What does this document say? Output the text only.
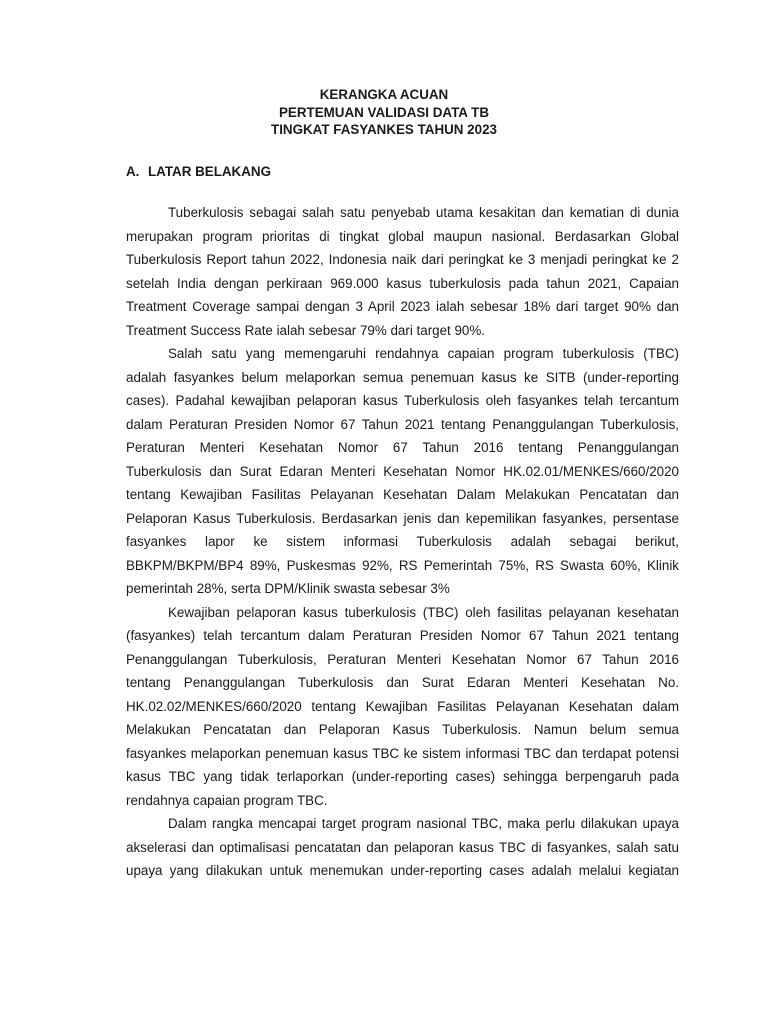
KERANGKA ACUAN
PERTEMUAN VALIDASI DATA TB
TINGKAT FASYANKES TAHUN 2023
A. LATAR BELAKANG

Tuberkulosis sebagai salah satu penyebab utama kesakitan dan kematian di dunia
merupakan program prioritas di tingkat global maupun nasional. Berdasarkan Global
Tuberkulosis Report tahun 2022, Indonesia naik dari peringkat ke 3 menjadi peringkat ke 2
setelah India dengan perkiraan 969.000 kasus tuberkulosis pada tahun 2021, Capaian
Treatment Coverage sampai dengan 3 April 2023 ialah sebesar 18% dari target 90% dan
Treatment Success Rate ialah sebesar 79% dari target 90%.

Salah satu yang memengaruhi rendahnya capaian program tuberkulosis (TBC)
adalah fasyankes belum melaporkan semua penemuan kasus ke SITB (under-reporting
cases). Padahal kewajiban pelaporan kasus Tuberkulosis oleh fasyankes telah tercantum
dalam Peraturan Presiden Nomor 67 Tahun 2021 tentang Penanggulangan Tuberkulosis,
Peraturan Menteri Kesehatan Nomor 67 Tahun 2016 tentang Penanggulangan
Tuberkulosis dan Surat Edaran Menteri Kesehatan Nomor HK.02.01/MENKES/660/2020
tentang Kewajiban Fasilitas Pelayanan Kesehatan Dalam Melakukan Pencatatan dan
Pelaporan Kasus Tuberkulosis. Berdasarkan jenis dan kepemilikan fasyankes, persentase
fasyankes lapor ke sistem informasi Tuberkulosis adalah sebagai berikut,
BBKPM/BKPM/BP4 89%, Puskesmas 92%, RS Pemerintah 75%, RS Swasta 60%, Klinik
pemerintah 28%, serta DPM/Klinik swasta sebesar 3%

Kewajiban pelaporan kasus tuberkulosis (TBC) oleh fasilitas pelayanan kesehatan
(fasyankes) telah tercantum dalam Peraturan Presiden Nomor 67 Tahun 2021 tentang
Penanggulangan Tuberkulosis, Peraturan Menteri Kesehatan Nomor 67 Tahun 2016
tentang Penanggulangan Tuberkulosis dan Surat Edaran Menteri Kesehatan No.
HK.02.02/MENKES/660/2020 tentang Kewajiban Fasilitas Pelayanan Kesehatan dalam
Melakukan Pencatatan dan Pelaporan Kasus Tuberkulosis. Namun belum semua
fasyankes melaporkan penemuan kasus TBC ke sistem informasi TBC dan terdapat potensi
kasus TBC yang tidak terlaporkan (under-reporting cases) sehingga berpengaruh pada
rendahnya capaian program TBC.

Dalam rangka mencapai target program nasional TBC, maka perlu dilakukan upaya
akselerasi dan optimalisasi pencatatan dan pelaporan kasus TBC di fasyankes, salah satu
upaya yang dilakukan untuk menemukan under-reporting cases adalah melalui kegiatan
